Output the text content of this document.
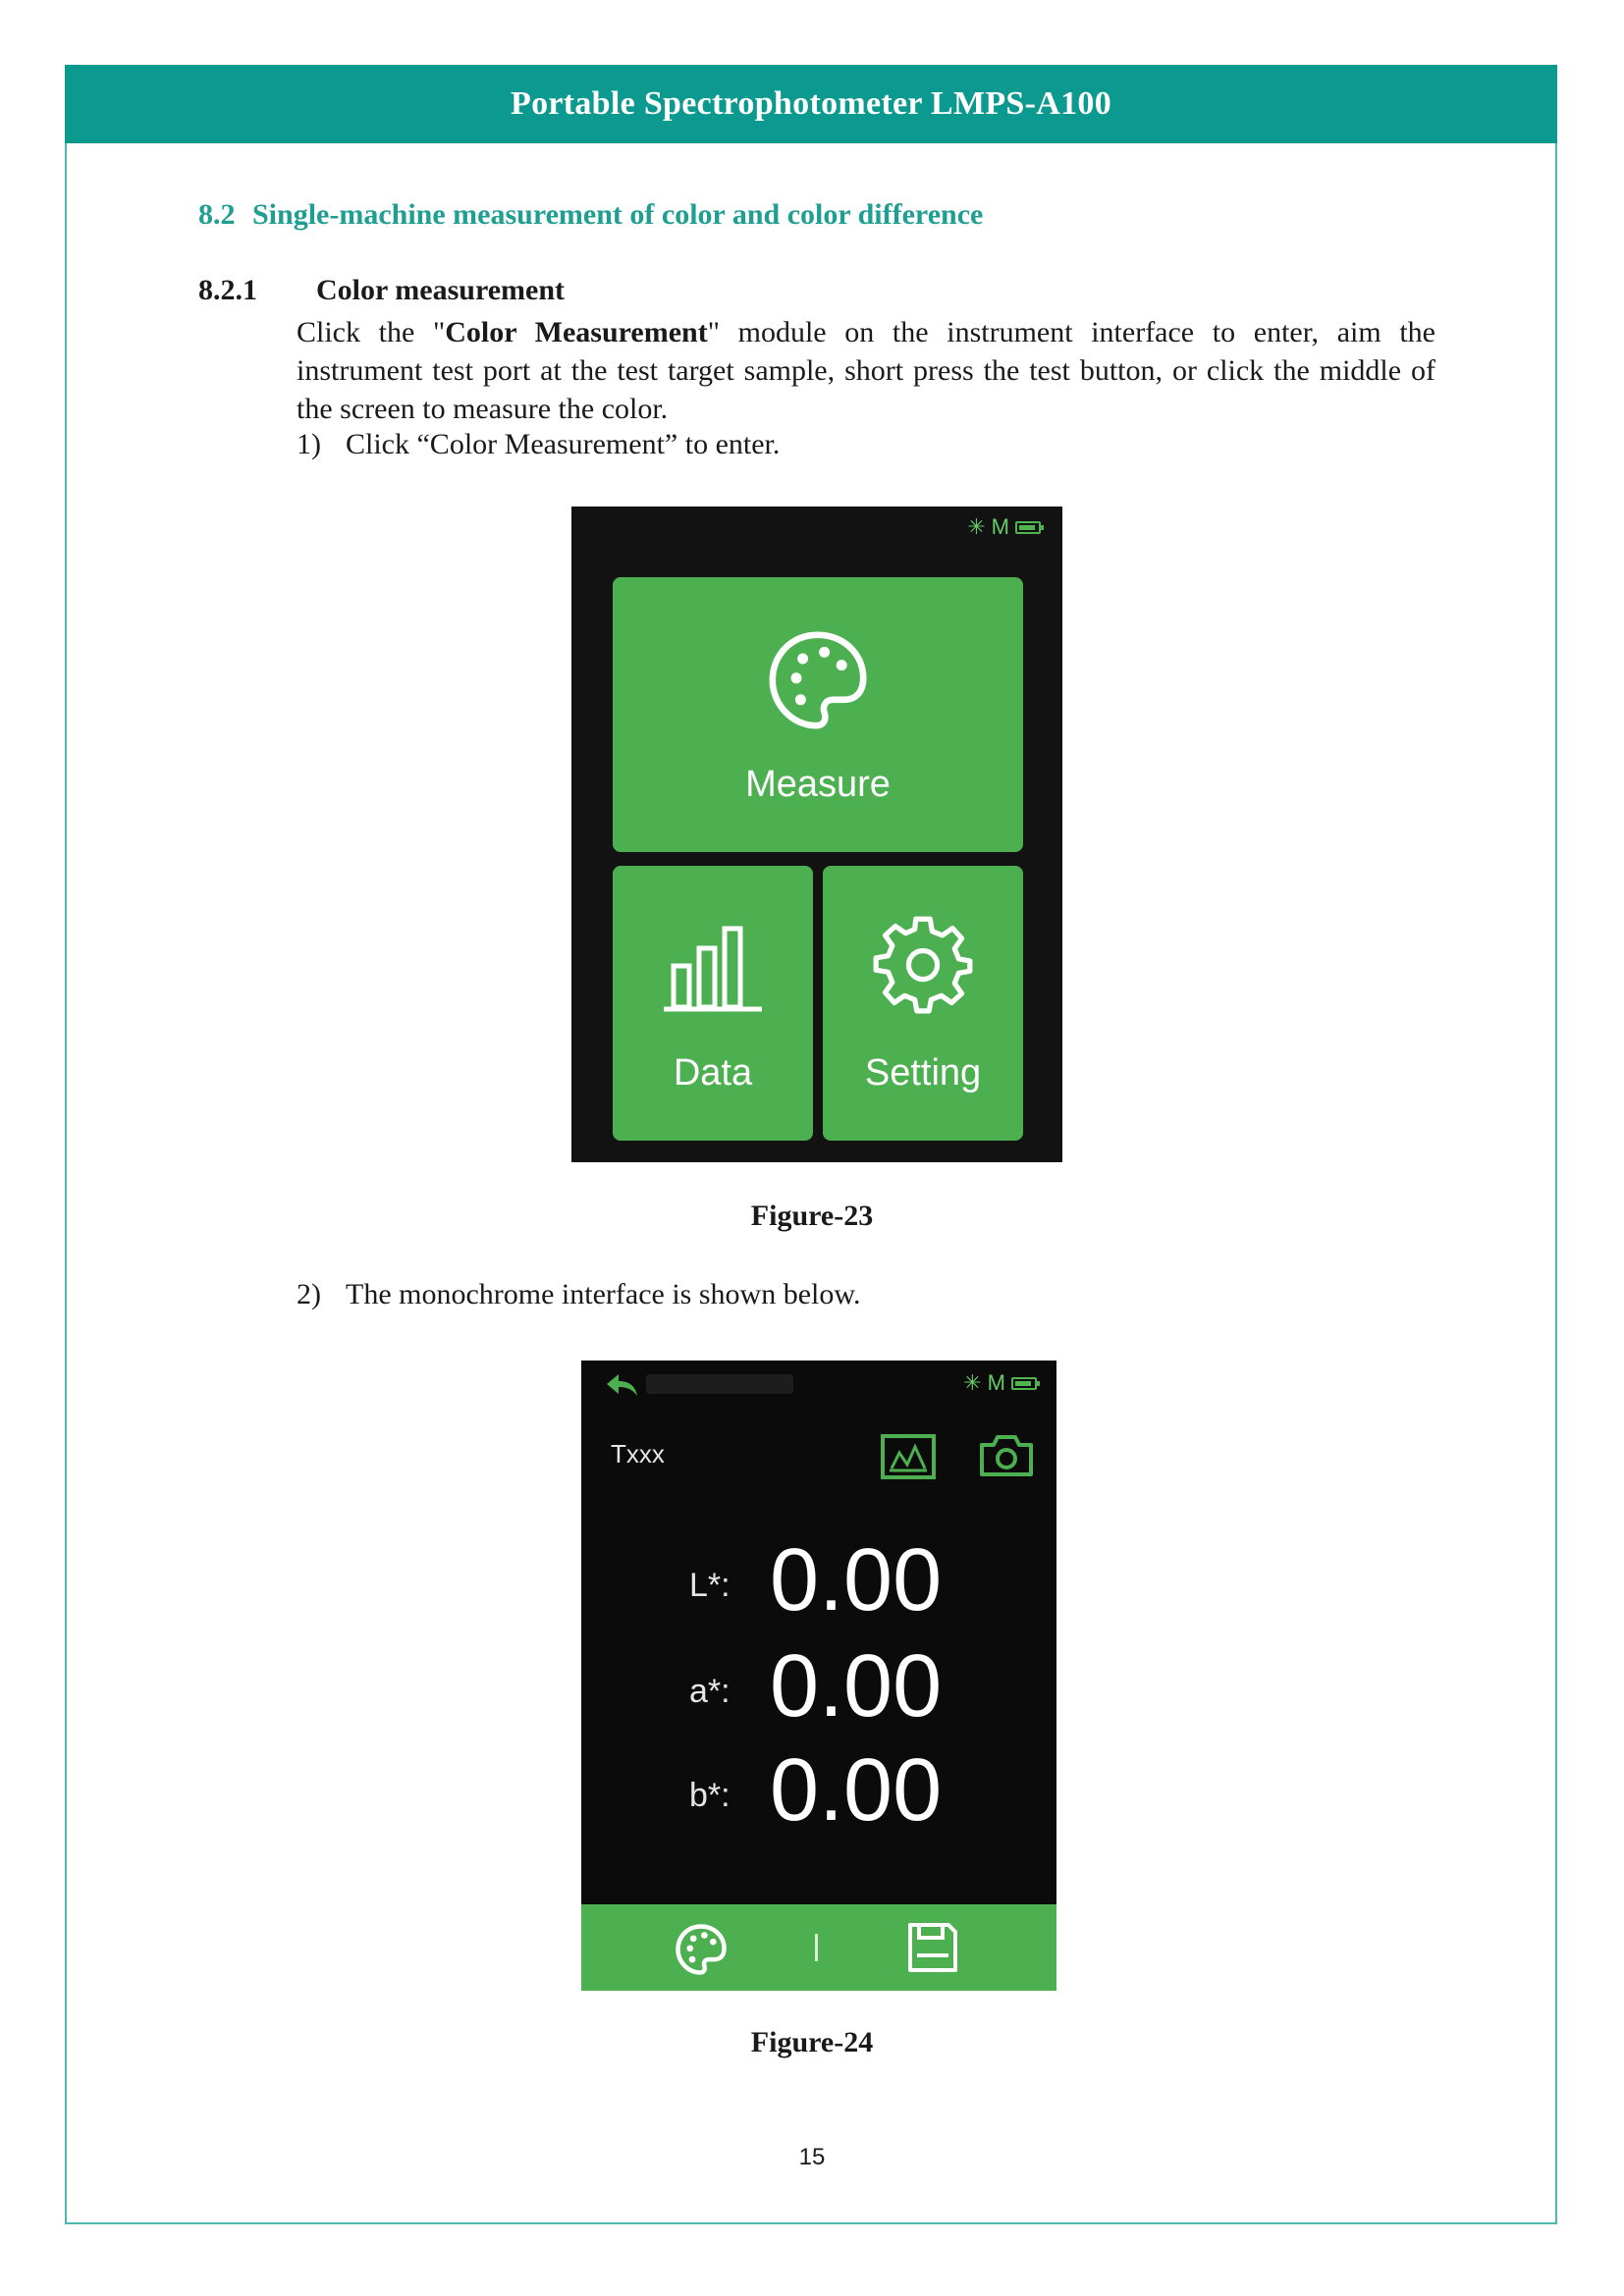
Portable Spectrophotometer LMPS-A100
8.2 Single-machine measurement of color and color difference
8.2.1 Color measurement
Click the "Color Measurement" module on the instrument interface to enter, aim the instrument test port at the test target sample, short press the test button, or click the middle of the screen to measure the color.
1) Click “Color Measurement” to enter.
✳ M
Measure
Data	Setting
Figure-23
2) The monochrome interface is shown below.
✳ M
Txxx
L*: 0.00
a*: 0.00
b*: 0.00
Figure-24
15
